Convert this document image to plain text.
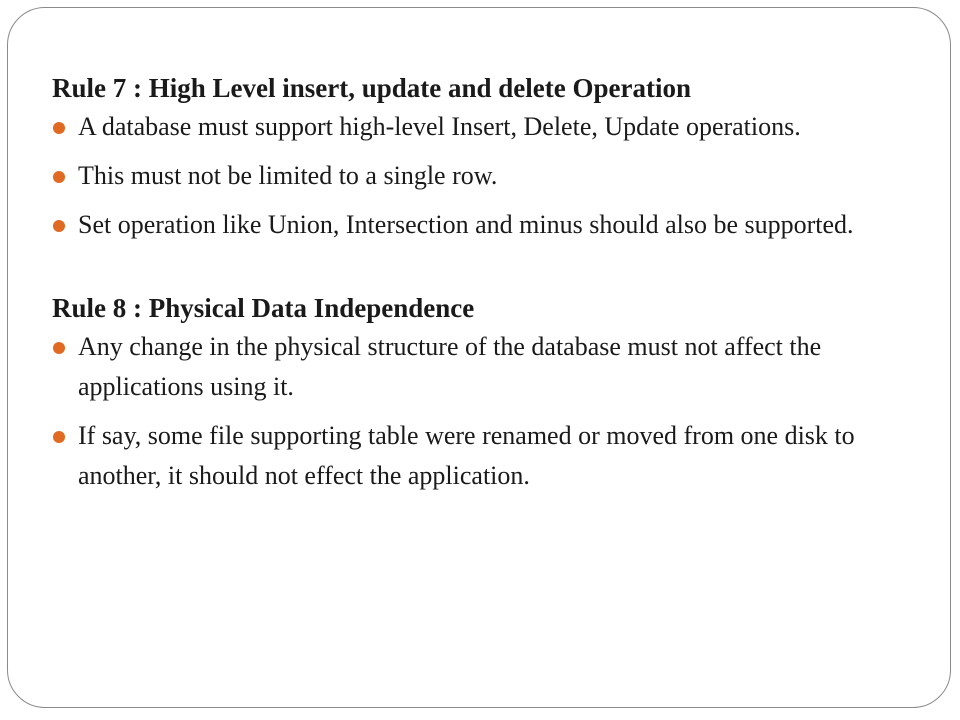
Rule 7 : High Level insert, update and delete Operation
A database must support high-level Insert, Delete, Update operations.
This must not be limited to a single row.
Set operation like Union, Intersection and minus should also be supported.
Rule 8 : Physical Data Independence
Any change in the physical structure of the database must not affect the applications using it.
If say, some file supporting table were renamed or moved from one disk to another, it should not effect the application.
